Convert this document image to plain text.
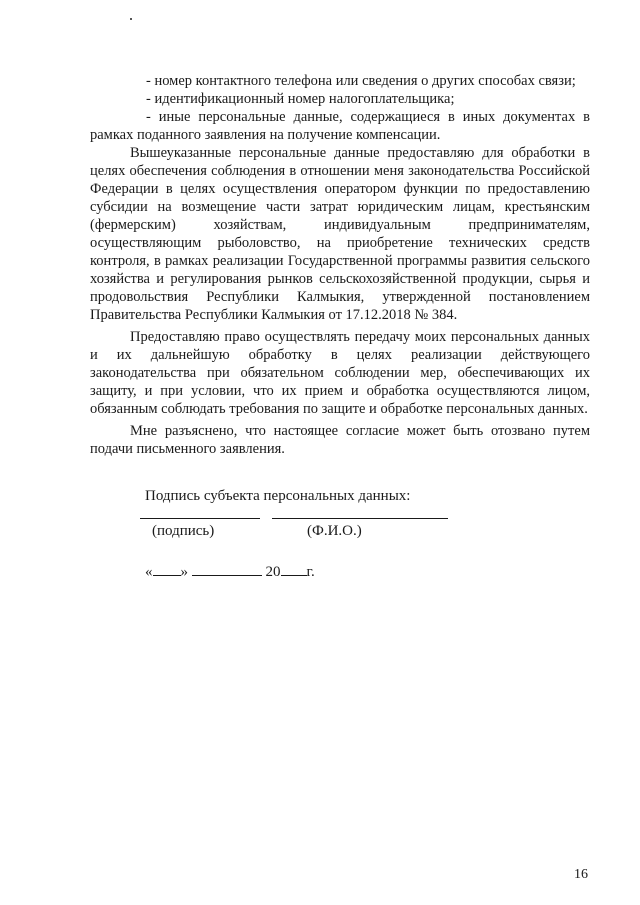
- номер контактного телефона или сведения о других способах связи;

- идентификационный номер налогоплательщика;

- иные персональные данные, содержащиеся в иных документах в рамках поданного заявления на получение компенсации.

Вышеуказанные персональные данные предоставляю для обработки в целях обеспечения соблюдения в отношении меня законодательства Российской Федерации в целях осуществления оператором функции по предоставлению субсидии на возмещение части затрат юридическим лицам, крестьянским (фермерским) хозяйствам, индивидуальным предпринимателям, осуществляющим рыболовство, на приобретение технических средств контроля, в рамках реализации Государственной программы развития сельского хозяйства и регулирования рынков сельскохозяйственной продукции, сырья и продовольствия Республики Калмыкия, утвержденной постановлением Правительства Республики Калмыкия от 17.12.2018 № 384.

Предоставляю право осуществлять передачу моих персональных данных и их дальнейшую обработку в целях реализации действующего законодательства при обязательном соблюдении мер, обеспечивающих их защиту, и при условии, что их прием и обработка осуществляются лицом, обязанным соблюдать требования по защите и обработке персональных данных.

Мне разъяснено, что настоящее согласие может быть отозвано путем подачи письменного заявления.

Подпись субъекта персональных данных:
(подпись)	(Ф.И.О.)
« »	20 г.
16
